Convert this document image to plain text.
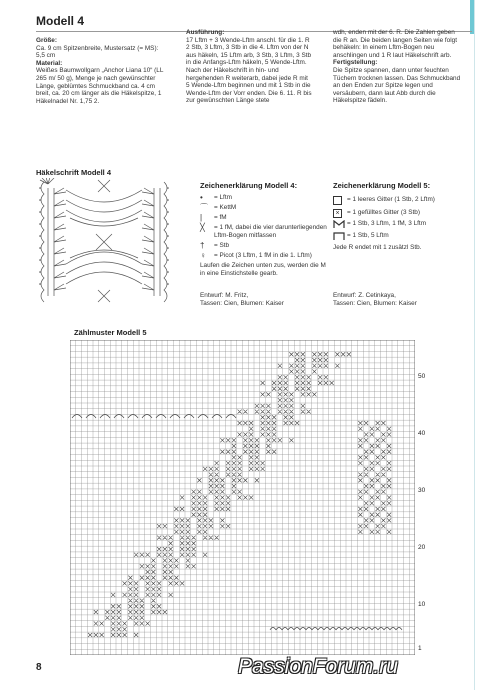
Modell 4
Größe:
Ca. 9 cm Spitzenbreite, Mustersatz (= MS): 5,5 cm
Material:
Weißes Baumwollgarn „Anchor Liana 10“ (LL 265 m/ 50 g), Menge je nach gewünschter Länge, geblümtes Schmuckband ca. 4 cm breit, ca. 20 cm länger als die Häkelspitze, 1 Häkelnadel Nr. 1,75 2.
Ausführung:
17 Lftm + 3 Wende-Lftm anschl. für die 1. R 2 Stb, 3 Lftm, 3 Stb in die 4. Lftm von der N aus häkeln, 15 Lftm arb, 3 Stb, 3 Lftm, 3 Stb in die Anfangs-Lftm häkeln, 5 Wende-Lftm. Nach der Häkelschrift in hin- und hergehenden R weiterarb, dabei jede R mit 5 Wende-Lftm beginnen und mit 1 Stb in die Wende-Lftm der Vorr enden. Die 6. 11. R bis zur gewünschten Länge stete
wdh, enden mit der 6. R. Die Zahlen geben die R an. Die beiden langen Seiten wie folgt behäkeln: In einem Lftm-Bogen neu anschlingen und 1 R laut Häkelschrift arb.
Fertigstellung:
Die Spitze spannen, dann unter feuchten Tüchern trocknen lassen. Das Schmuckband an den Enden zur Spitze legen und versäubern, dann laut Abb durch die Häkelspitze fädeln.
Häkelschrift Modell 4
Zeichenerklärung Modell 4:
•	= Lftm
⌒ = KettM
|	= fM
╳	= 1 fM, dabei die vier darunterliegenden Lftm-Bogen mitfassen
†	= Stb
♀	= Picot (3 Lftm, 1 fM in die 1. Lftm)
Laufen die Zeichen unten zus, werden die M in eine Einstichstelle gearb.
Entwurf: M. Fritz,
Tassen: Cien, Blumen: Kaiser
Zeichenerklärung Modell 5:
= 1 leeres Gitter (1 Stb, 2 Lftm)
×	= 1 gefülltes Gitter (3 Stb)
= 1 Stb, 3 Lftm, 1 fM, 3 Lftm
= 1 Stb, 5 Lftm
Jede R endet mit 1 zusätzl Stb.
Entwurf: Z. Cetinkaya,
Tassen: Cien, Blumen: Kaiser
Zählmuster Modell 5
50
40
30
20
10
1
8	PassionForum.ru
